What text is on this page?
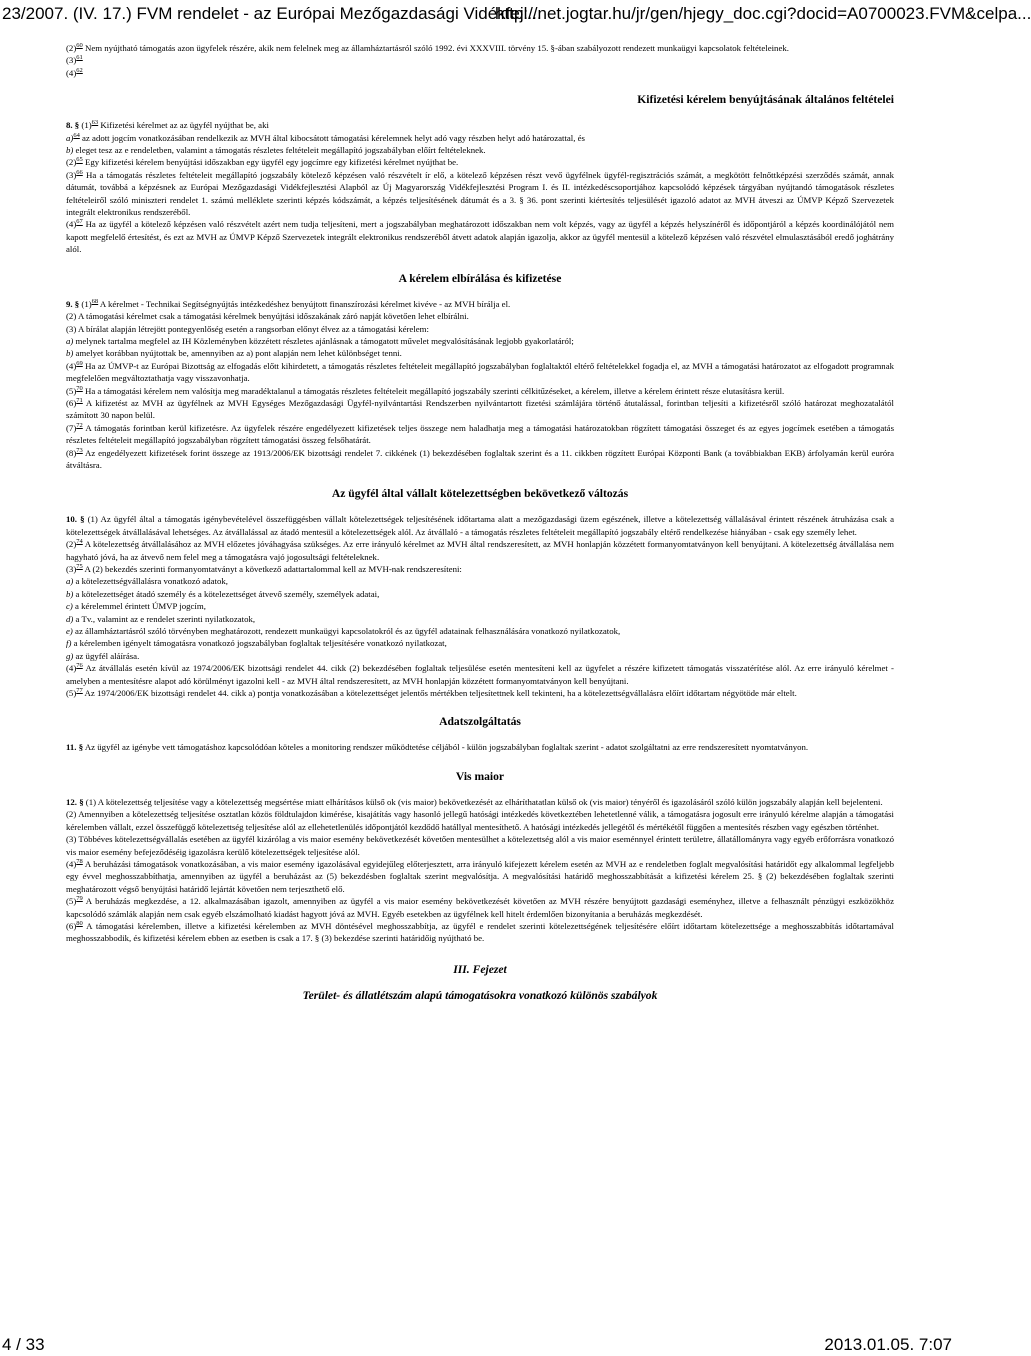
23/2007. (IV. 17.) FVM rendelet - az Európai Mezőgazdasági Vidékfejl...
http://net.jogtar.hu/jr/gen/hjegy_doc.cgi?docid=A0700023.FVM&celpa...

$(2)^{60}$ Nem nyújtható támogatás azon ügyfelek részére, akik nem felelnek meg az államháztartásról szóló 1992. évi XXXVIII. törvény 15. §-ában szabályozott rendezett munkaügyi kapcsolatok feltételeinek.

$(3)^{61}$

$(4)^{62}$

Kifizetési kérelem benyújtásának általános feltételei

8. § $(1)^{63}$ Kifizetési kérelmet az az ügyfél nyújthat be, aki

a)$^{64}$ az adott jogcím vonatkozásában rendelkezik az MVH által kibocsátott támogatási kérelemnek helyt adó vagy részben helyt adó határozattal, és

b) eleget tesz az e rendeletben, valamint a támogatás részletes feltételeit megállapító jogszabályban előírt feltételeknek.

$(2)^{65}$ Egy kifizetési kérelem benyújtási időszakban egy ügyfél egy jogcímre egy kifizetési kérelmet nyújthat be.

$(3)^{66}$ Ha a támogatás részletes feltételeit megállapító jogszabály kötelező képzésen való részvételt ír elő, a kötelező képzésen részt vevő ügyfélnek ügyfél-regisztrációs számát, a megkötött felnőttképzési szerződés számát, annak dátumát, továbbá a képzésnek az Európai Mezőgazdasági Vidékfejlesztési Alapból az Új Magyarország Vidékfejlesztési Program I. és II. intézkedéscsoportjához kapcsolódó képzések tárgyában nyújtandó támogatások részletes feltételeiről szóló miniszteri rendelet 1. számú melléklete szerinti képzés kódszámát, a képzés teljesítésének dátumát és a 3. § 36. pont szerinti kiértesítés teljesülését igazoló adatot az MVH átveszi az ÚMVP Képző Szervezetek integrált elektronikus rendszeréből.

$(4)^{67}$ Ha az ügyfél a kötelező képzésen való részvételt azért nem tudja teljesíteni, mert a jogszabályban meghatározott időszakban nem volt képzés, vagy az ügyfél a képzés helyszínéről és időpontjáról a képzés koordinálójától nem kapott megfelelő értesítést, és ezt az MVH az ÚMVP Képző Szervezetek integrált elektronikus rendszeréből átvett adatok alapján igazolja, akkor az ügyfél mentesül a kötelező képzésen való részvétel elmulasztásából eredő joghátrány alól.

A kérelem elbírálása és kifizetése

9. § $(1)^{68}$ A kérelmet - Technikai Segítségnyújtás intézkedéshez benyújtott finanszírozási kérelmet kivéve - az MVH bírálja el.

(2) A támogatási kérelmet csak a támogatási kérelmek benyújtási időszakának záró napját követően lehet elbírálni.

(3) A bírálat alapján létrejött pontegyenlőség esetén a rangsorban előnyt élvez az a támogatási kérelem:

a) melynek tartalma megfelel az IH Közleményben közzétett részletes ajánlásnak a támogatott művelet megvalósításának legjobb gyakorlatáról;

b) amelyet korábban nyújtottak be, amennyiben az a) pont alapján nem lehet különbséget tenni.

$(4)^{69}$ Ha az ÚMVP-t az Európai Bizottság az elfogadás előtt kihirdetett, a támogatás részletes feltételeit megállapító jogszabályban foglaltaktól eltérő feltételekkel fogadja el, az MVH a támogatási határozatot az elfogadott programnak megfelelően megváltoztathatja vagy visszavonhatja.

$(5)^{70}$ Ha a támogatási kérelem nem valósítja meg maradéktalanul a támogatás részletes feltételeit megállapító jogszabály szerinti célkitűzéseket, a kérelem, illetve a kérelem érintett része elutasításra kerül.

$(6)^{71}$ A kifizetést az MVH az ügyfélnek az MVH Egységes Mezőgazdasági Ügyfél-nyilvántartási Rendszerben nyilvántartott fizetési számlájára történő átutalással, forintban teljesíti a kifizetésről szóló határozat meghozatalától számított 30 napon belül.

$(7)^{72}$ A támogatás forintban kerül kifizetésre. Az ügyfelek részére engedélyezett kifizetések teljes összege nem haladhatja meg a támogatási határozatokban rögzített támogatási összeget és az egyes jogcímek esetében a támogatás részletes feltételeit megállapító jogszabályban rögzített támogatási összeg felsőhatárát.

$(8)^{73}$ Az engedélyezett kifizetések forint összege az 1913/2006/EK bizottsági rendelet 7. cikkének (1) bekezdésében foglaltak szerint és a 11. cikkben rögzített Európai Központi Bank (a továbbiakban EKB) árfolyamán kerül euróra átváltásra.

Az ügyfél által vállalt kötelezettségben bekövetkező változás

10. § (1) Az ügyfél által a támogatás igénybevételével összefüggésben vállalt kötelezettségek teljesítésének időtartama alatt a mezőgazdasági üzem egészének, illetve a kötelezettség vállalásával érintett részének átruházása csak a kötelezettségek átvállalásával lehetséges. Az átvállalással az átadó mentesül a kötelezettségek alól. Az átvállaló - a támogatás részletes feltételeit megállapító jogszabály eltérő rendelkezése hiányában - csak egy személy lehet.

$(2)^{74}$ A kötelezettség átvállalásához az MVH előzetes jóváhagyása szükséges. Az erre irányuló kérelmet az MVH által rendszeresített, az MVH honlapján közzétett formanyomtatványon kell benyújtani. A kötelezettség átvállalása nem hagyható jóvá, ha az átvevő nem felel meg a támogatásra vajó jogosultsági feltételeknek.

$(3)^{75}$ A (2) bekezdés szerinti formanyomtatványt a következő adattartalommal kell az MVH-nak rendszeresíteni:

a) a kötelezettségvállalásra vonatkozó adatok,

b) a kötelezettséget átadó személy és a kötelezettséget átvevő személy, személyek adatai,

c) a kérelemmel érintett ÚMVP jogcím,

d) a Tv., valamint az e rendelet szerinti nyilatkozatok,

e) az államháztartásról szóló törvényben meghatározott, rendezett munkaügyi kapcsolatokról és az ügyfél adatainak felhasználására vonatkozó nyilatkozatok,

f) a kérelemben igényelt támogatásra vonatkozó jogszabályban foglaltak teljesítésére vonatkozó nyilatkozat,

g) az ügyfél aláírása.

$(4)^{76}$ Az átvállalás esetén kívül az 1974/2006/EK bizottsági rendelet 44. cikk (2) bekezdésében foglaltak teljesülése esetén mentesíteni kell az ügyfelet a részére kifizetett támogatás visszatérítése alól. Az erre irányuló kérelmet - amelyben a mentesítésre alapot adó körülményt igazolni kell - az MVH által rendszeresített, az MVH honlapján közzétett formanyomtatványon kell benyújtani.

$(5)^{77}$ Az 1974/2006/EK bizottsági rendelet 44. cikk a) pontja vonatkozásában a kötelezettséget jelentős mértékben teljesítettnek kell tekinteni, ha a kötelezettségvállalásra előírt időtartam négyötöde már eltelt.

Adatszolgáltatás

11. § Az ügyfél az igénybe vett támogatáshoz kapcsolódóan köteles a monitoring rendszer működtetése céljából - külön jogszabályban foglaltak szerint - adatot szolgáltatni az erre rendszeresített nyomtatványon.

Vis maior

12. § (1) A kötelezettség teljesítése vagy a kötelezettség megsértése miatt elhárításos külső ok (vis maior) bekövetkezését az elháríthatatlan külső ok (vis maior) tényéről és igazolásáról szóló külön jogszabály alapján kell bejelenteni.

(2) Amennyiben a kötelezettség teljesítése osztatlan közös földtulajdon kimérése, kisajátítás vagy hasonló jellegű hatósági intézkedés következtében lehetetlenné válik, a támogatásra jogosult erre irányuló kérelme alapján a támogatási kérelemben vállalt, ezzel összefüggő kötelezettség teljesítése alól az ellehetetlenülés időpontjától kezdődő hatállyal mentesíthető. A hatósági intézkedés jellegétől és mértékétől függően a mentesítés részben vagy egészben történhet.

(3) Többéves kötelezettségvállalás esetében az ügyfél kizárólag a vis maior esemény bekövetkezését követően mentesülhet a kötelezettség alól a vis maior eseménnyel érintett területre, állatállományra vagy egyéb erőforrásra vonatkozó vis maior esemény befejeződéséig igazolásra kerülő kötelezettségek teljesítése alól.

$(4)^{78}$ A beruházási támogatások vonatkozásában, a vis maior esemény igazolásával egyidejűleg előterjesztett, arra irányuló kifejezett kérelem esetén az MVH az e rendeletben foglalt megvalósítási határidőt egy alkalommal legfeljebb egy évvel meghosszabbíthatja, amennyiben az ügyfél a beruházást az (5) bekezdésben foglaltak szerint megvalósítja. A megvalósítási határidő meghosszabbítását a kifizetési kérelem 25. § (2) bekezdésében foglaltak szerinti meghatározott végső benyújtási határidő lejártát követően nem terjeszthető elő.

$(5)^{79}$ A beruházás megkezdése, a 12. alkalmazásában igazolt, amennyiben az ügyfél a vis maior esemény bekövetkezését követően az MVH részére benyújtott gazdasági eseményhez, illetve a felhasznált pénzügyi eszközökhöz kapcsolódó számlák alapján nem csak egyéb elszámolható kiadást hagyott jóvá az MVH. Egyéb esetekben az ügyfélnek kell hitelt érdemlően bizonyítania a beruházás megkezdését.

$(6)^{80}$ A támogatási kérelemben, illetve a kifizetési kérelemben az MVH döntésével meghosszabbítja, az ügyfél e rendelet szerinti kötelezettségének teljesítésére előírt időtartam kötelezettsége a meghosszabbítás időtartamával meghosszabbodik, és kifizetési kérelem ebben az esetben is csak a 17. § (3) bekezdése szerinti határidőig nyújtható be.

III. Fejezet

Terület- és állatlétszám alapú támogatásokra vonatkozó különös szabályok

4 / 33	2013.01.05. 7:07
